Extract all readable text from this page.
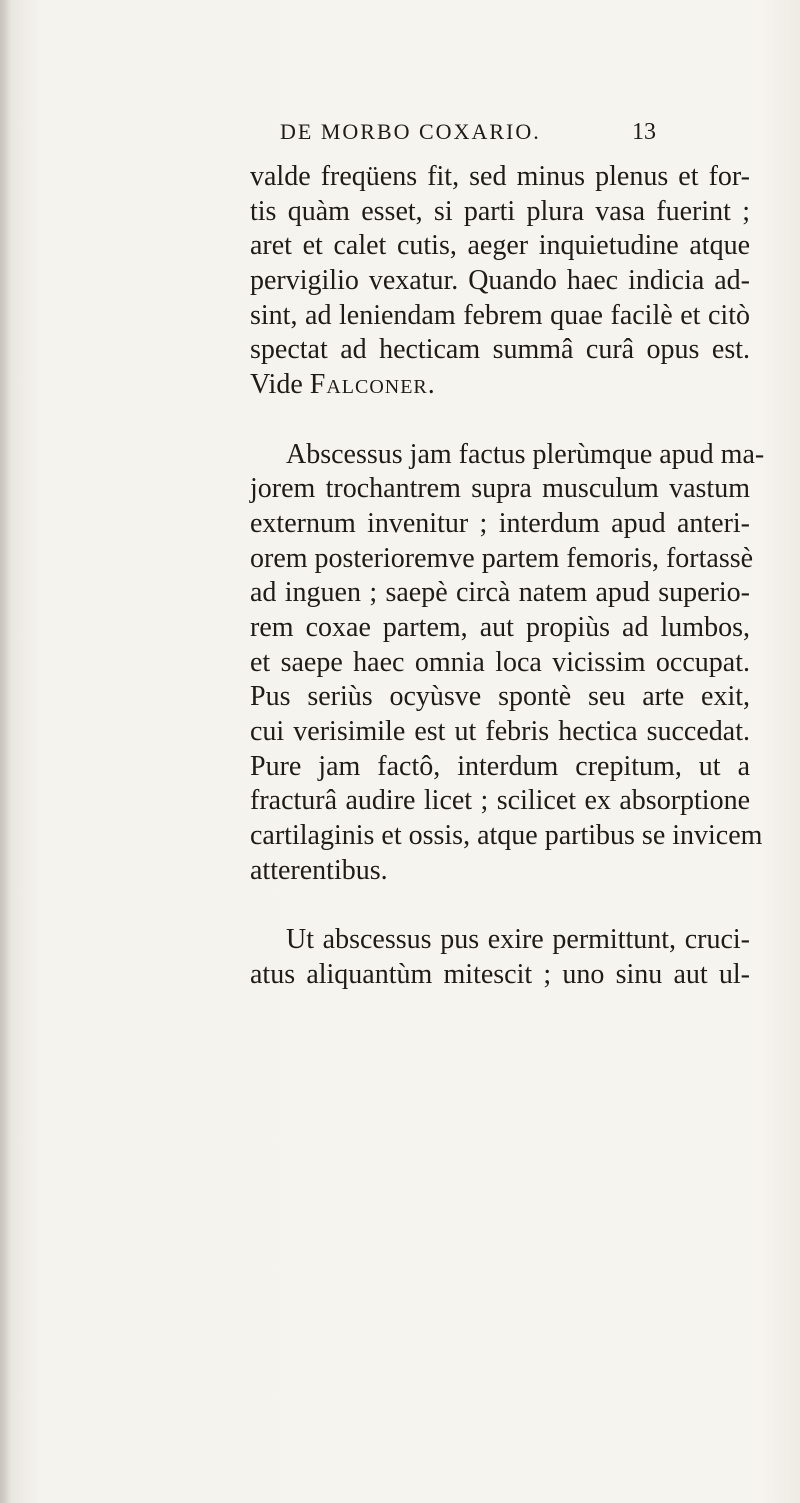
DE MORBO COXARIO.	13
valde freqüens fit, sed minus plenus et for-
tis quàm esset, si parti plura vasa fuerint ;
aret et calet cutis, aeger inquietudine atque
pervigilio vexatur. Quando haec indicia ad-
sint, ad leniendam febrem quae facilè et citò
spectat ad hecticam summâ curâ opus est.
Vide Falconer.
Abscessus jam factus plerùmque apud ma-
jorem trochantrem supra musculum vastum
externum invenitur ; interdum apud anteri-
orem posterioremve partem femoris, fortassè
ad inguen ; saepè circà natem apud superio-
rem coxae partem, aut propiùs ad lumbos,
et saepe haec omnia loca vicissim occupat.
Pus seriùs ocyùsve spontè seu arte exit,
cui verisimile est ut febris hectica succedat.
Pure jam factô, interdum crepitum, ut a
fracturâ audire licet ; scilicet ex absorptione
cartilaginis et ossis, atque partibus se invicem
atterentibus.
Ut abscessus pus exire permittunt, cruci-
atus aliquantùm mitescit ; uno sinu aut ul-
